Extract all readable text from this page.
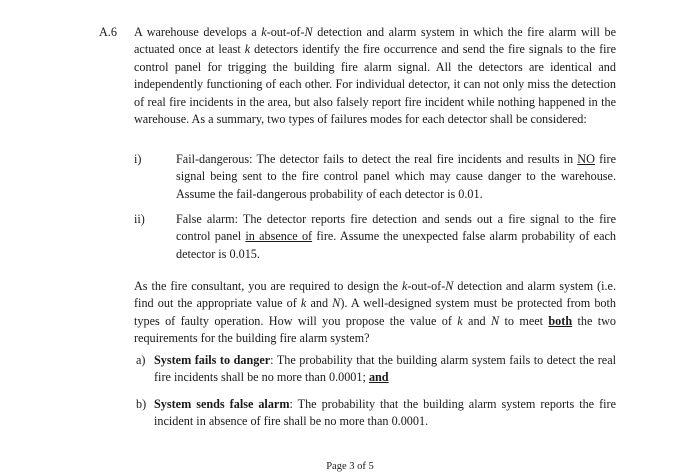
A.6 A warehouse develops a k-out-of-N detection and alarm system in which the fire alarm will be actuated once at least k detectors identify the fire occurrence and send the fire signals to the fire control panel for trigging the building fire alarm signal. All the detectors are identical and independently functioning of each other. For individual detector, it can not only miss the detection of real fire incidents in the area, but also falsely report fire incident while nothing happened in the warehouse. As a summary, two types of failures modes for each detector shall be considered:
i)	Fail-dangerous: The detector fails to detect the real fire incidents and results in NO fire signal being sent to the fire control panel which may cause danger to the warehouse. Assume the fail-dangerous probability of each detector is 0.01.
ii)	False alarm: The detector reports fire detection and sends out a fire signal to the fire control panel in absence of fire. Assume the unexpected false alarm probability of each detector is 0.015.
As the fire consultant, you are required to design the k-out-of-N detection and alarm system (i.e. find out the appropriate value of k and N). A well-designed system must be protected from both types of faulty operation. How will you propose the value of k and N to meet both the two requirements for the building fire alarm system?
a) System fails to danger: The probability that the building alarm system fails to detect the real fire incidents shall be no more than 0.0001; and
b) System sends false alarm: The probability that the building alarm system reports the fire incident in absence of fire shall be no more than 0.0001.
Page 3 of 5
